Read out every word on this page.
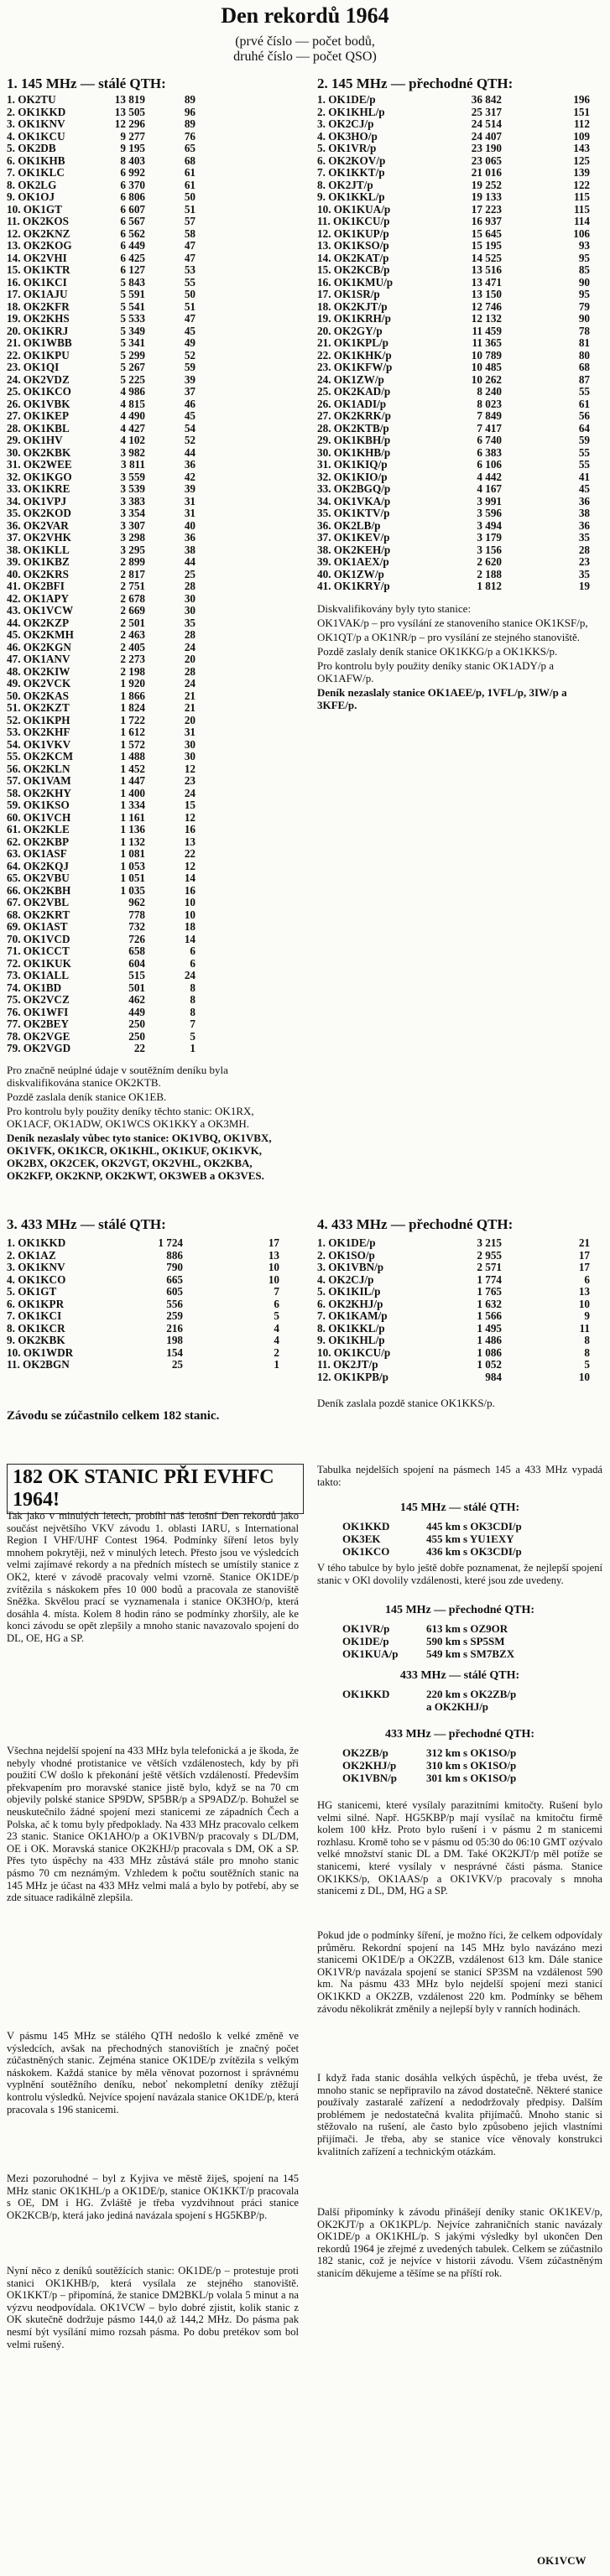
Den rekordů 1964
(prvé číslo — počet bodů,
druhé číslo — počet QSO)
1. 145 MHz — stálé QTH:
1. OK2TU	13 819	89
2. OK1KKD	13 505	96
3. OK1KNV	12 296	89
4. OK1KCU	9 277	76
5. OK2DB	9 195	65
6. OK1KHB	8 403	68
7. OK1KLC	6 992	61
8. OK2LG	6 370	61
9. OK1OJ	6 806	50
10. OK1GT	6 607	51
11. OK2KOS	6 567	57
12. OK2KNZ	6 562	58
13. OK2KOG	6 449	47
14. OK2VHI	6 425	47
15. OK1KTR	6 127	53
16. OK1KCI	5 843	55
17. OK1AJU	5 591	50
18. OK2KFR	5 541	51
19. OK2KHS	5 533	47
20. OK1KRJ	5 349	45
21. OK1WBB	5 341	49
22. OK1KPU	5 299	52
23. OK1QI	5 267	59
24. OK2VDZ	5 225	39
25. OK1KCO	4 986	37
26. OK1VBK	4 815	46
27. OK1KEP	4 490	45
28. OK1KBL	4 427	54
29. OK1HV	4 102	52
30. OK2KBK	3 982	44
31. OK2WEE	3 811	36
32. OK1KGO	3 559	42
33. OK1KRE	3 539	39
34. OK1VPJ	3 383	31
35. OK2KOD	3 354	31
36. OK2VAR	3 307	40
37. OK2VHK	3 298	36
38. OK1KLL	3 295	38
39. OK1KBZ	2 899	44
40. OK2KRS	2 817	25
41. OK2BFI	2 751	28
42. OK1APY	2 678	30
43. OK1VCW	2 669	30
44. OK2KZP	2 501	35
45. OK2KMH	2 463	28
46. OK2KGN	2 405	24
47. OK1ANV	2 273	20
48. OK2KIW	2 198	28
49. OK2VCK	1 920	24
50. OK2KAS	1 866	21
51. OK2KZT	1 824	21
52. OK1KPH	1 722	20
53. OK2KHF	1 612	31
54. OK1VKV	1 572	30
55. OK2KCM	1 488	30
56. OK2KLN	1 452	12
57. OK1VAM	1 447	23
58. OK2KHY	1 400	24
59. OK1KSO	1 334	15
60. OK1VCH	1 161	12
61. OK2KLE	1 136	16
62. OK2KBP	1 132	13
63. OK1ASF	1 081	22
64. OK2KQJ	1 053	12
65. OK2VBU	1 051	14
66. OK2KBH	1 035	16
67. OK2VBL	962	10
68. OK2KRT	778	10
69. OK1AST	732	18
70. OK1VCD	726	14
71. OK1CCT	658	6
72. OK1KUK	604	6
73. OK1ALL	515	24
74. OK1BD	501	8
75. OK2VCZ	462	8
76. OK1WFI	449	8
77. OK2BEY	250	7
78. OK2VGE	250	5
79. OK2VGD	22	1
Pro značně neúplné údaje v soutěžním deníku byla diskvalifikována stanice OK2KTB.
Pozdě zaslala deník stanice OK1EB.
Pro kontrolu byly použity deníky těchto stanic: OK1RX, OK1ACF, OK1ADW, OK1WCS OK1KKY a OK3MH.
Deník nezaslaly vůbec tyto stanice: OK1VBQ, OK1VBX, OK1VFK, OK1KCR, OK1KHL, OK1KUF, OK1KVK, OK2BX, OK2CEK, OK2VGT, OK2VHL, OK2KBA, OK2KFP, OK2KNP, OK2KWT, OK3WEB a OK3VES.
2. 145 MHz — přechodné QTH:
1. OK1DE/p	36 842	196
2. OK1KHL/p	25 317	151
3. OK2CJ/p	24 514	112
4. OK3HO/p	24 407	109
5. OK1VR/p	23 190	143
6. OK2KOV/p	23 065	125
7. OK1KKT/p	21 016	139
8. OK2JT/p	19 252	122
9. OK1KKL/p	19 133	115
10. OK1KUA/p	17 223	115
11. OK1KCU/p	16 937	114
12. OK1KUP/p	15 645	106
13. OK1KSO/p	15 195	93
14. OK2KAT/p	14 525	95
15. OK2KCB/p	13 516	85
16. OK1KMU/p	13 471	90
17. OK1SR/p	13 150	95
18. OK2KJT/p	12 746	79
19. OK1KRH/p	12 132	90
20. OK2GY/p	11 459	78
21. OK1KPL/p	11 365	81
22. OK1KHK/p	10 789	80
23. OK1KFW/p	10 485	68
24. OK1ZW/p	10 262	87
25. OK2KAD/p	8 240	55
26. OK1ADI/p	8 023	61
27. OK2KRK/p	7 849	56
28. OK2KTB/p	7 417	64
29. OK1KBH/p	6 740	59
30. OK1KHB/p	6 383	55
31. OK1KIQ/p	6 106	55
32. OK1KIO/p	4 442	41
33. OK2BGQ/p	4 167	45
34. OK1VKA/p	3 991	36
35. OK1KTV/p	3 596	38
36. OK2LB/p	3 494	36
37. OK1KEV/p	3 179	35
38. OK2KEH/p	3 156	28
39. OK1AEX/p	2 620	23
40. OK1ZW/p	2 188	35
41. OK1KRY/p	1 812	19
Diskvalifikovány byly tyto stanice:
OK1VAK/p – pro vysílání ze stanoveního stanice OK1KSF/p,
OK1QT/p a OK1NR/p – pro vysílání ze stejného stanoviště.
Pozdě zaslaly deník stanice OK1KKG/p a OK1KKS/p.
Pro kontrolu byly použity deníky stanic OK1ADY/p a OK1AFW/p.
Deník nezaslaly stanice OK1AEE/p, 1VFL/p, 3IW/p a 3KFE/p.
3. 433 MHz — stálé QTH:
1. OK1KKD	1 724	17
2. OK1AZ	886	13
3. OK1KNV	790	10
4. OK1KCO	665	10
5. OK1GT	605	7
6. OK1KPR	556	6
7. OK1KCI	259	5
8. OK1KCR	216	4
9. OK2KBK	198	4
10. OK1WDR	154	2
11. OK2BGN	25	1
Závodu se zúčastnilo celkem 182 stanic.
4. 433 MHz — přechodné QTH:
1. OK1DE/p	3 215	21
2. OK1SO/p	2 955	17
3. OK1VBN/p	2 571	17
4. OK2CJ/p	1 774	6
5. OK1KIL/p	1 765	13
6. OK2KHJ/p	1 632	10
7. OK1KAM/p	1 566	9
8. OK1KKL/p	1 495	11
9. OK1KHL/p	1 486	8
10. OK1KCU/p	1 086	8
11. OK2JT/p	1 052	5
12. OK1KPB/p	984	10
Deník zaslala pozdě stanice OK1KKS/p.
182 OK STANIC PŘI EVHFC 1964!
Tak jako v minulých letech, probíhl náš letošní Den rekordů jako součást největšího VKV závodu 1. oblasti IARU, s International Region I VHF/UHF Contest 1964. Podmínky šíření letos byly mnohem pokrytěji, než v minulých letech. Přesto jsou ve výsledcích velmi zajímavé rekordy a na předních místech se umístily stanice z OK2, které v závodě pracovaly velmi vzorně. Stanice OK1DE/p zvítězila s náskokem přes 10 000 bodů a pracovala ze stanoviště Sněžka. Skvělou prací se vyznamenala i stanice OK3HO/p, která dosáhla 4. místa. Kolem 8 hodin ráno se podmínky zhoršily, ale ke konci závodu se opět zlepšily a mnoho stanic navazovalo spojení do DL, OE, HG a SP.
Všechna nejdelší spojení na 433 MHz byla telefonická a je škoda, že nebyly vhodné protistanice ve větších vzdálenostech, kdy by při použití CW došlo k překonání ještě větších vzdáleností. Především překvapením pro moravské stanice jistě bylo, když se na 70 cm objevily polské stanice SP9DW, SP5BR/p a SP9ADZ/p. Bohužel se neuskutečnilo žádné spojení mezi stanicemi ze západních Čech a Polska, ač k tomu byly předpoklady. Na 433 MHz pracovalo celkem 23 stanic. Stanice OK1AHO/p a OK1VBN/p pracovaly s DL/DM, OE i OK. Moravská stanice OK2KHJ/p pracovala s DM, OK a SP. Přes tyto úspěchy na 433 MHz zůstává stále pro mnoho stanic pásmo 70 cm neznámým. Vzhledem k počtu soutěžních stanic na 145 MHz je účast na 433 MHz velmi malá a bylo by potřebí, aby se zde situace radikálně zlepšila.
V pásmu 145 MHz se stálého QTH nedošlo k velké změně ve výsledcích, avšak na přechodných stanovištích je značný počet zúčastněných stanic. Zejména stanice OK1DE/p zvítězila s velkým náskokem. Každá stanice by měla věnovat pozornost i správnému vyplnění soutěžního deníku, neboť nekompletní deníky ztěžují kontrolu výsledků. Nejvíce spojení navázala stanice OK1DE/p, která pracovala s 196 stanicemi.
Mezi pozoruhodné – byl z Kyjiva ve městě žiješ, spojení na 145 MHz stanic OK1KHL/p a OK1DE/p, stanice OK1KKT/p pracovala s OE, DM i HG. Zvláště je třeba vyzdvihnout práci stanice OK2KCB/p, která jako jediná navázala spojení s HG5KBP/p.
Nyní něco z deníků soutěžících stanic: OK1DE/p – protestuje proti stanici OK1KHB/p, která vysílala ze stejného stanoviště. OK1KKT/p – připomíná, že stanice DM2BKL/p volala 5 minut a na výzvu neodpovídala. OK1VCW – bylo dobré zjistit, kolik stanic z OK skutečně dodržuje pásmo 144,0 až 144,2 MHz. Do pásma pak nesmí být vysílání mimo rozsah pásma. Po dobu pretékov som bol velmi rušený.
Tabulka nejdelších spojení na pásmech 145 a 433 MHz vypadá takto:
145 MHz — stálé QTH:
OK1KKD	445 km s OK3CDI/p
OK3EK	455 km s YU1EXY
OK1KCO	436 km s OK3CDI/p
V tého tabulce by bylo ještě dobře poznamenat, že nejlepší spojení stanic v OKl dovolily vzdálenosti, které jsou zde uvedeny.
145 MHz — přechodné QTH:
OK1VR/p	613 km s OZ9OR
OK1DE/p	590 km s SP5SM
OK1KUA/p	549 km s SM7BZX
433 MHz — stálé QTH:
OK1KKD	220 km s OK2ZB/p
a OK2KHJ/p
433 MHz — přechodné QTH:
OK2ZB/p	312 km s OK1SO/p
OK2KHJ/p	310 km s OK1SO/p
OK1VBN/p	301 km s OK1SO/p
HG stanicemi, které vysílaly parazitními kmitočty. Rušení bylo velmi silné. Např. HG5KBP/p mají vysílač na kmitočtu firmě kolem 100 kHz. Proto bylo rušení i v pásmu 2 m stanicemi rozhlasu. Kromě toho se v pásmu od 05:30 do 06:10 GMT ozývalo velké množství stanic DL a DM. Také OK2KJT/p měl potíže se stanicemi, které vysílaly v nesprávné části pásma. Stanice OK1KKS/p, OK1AAS/p a OK1VKV/p pracovaly s mnoha stanicemi z DL, DM, HG a SP.
Pokud jde o podmínky šíření, je možno říci, že celkem odpovídaly průměru. Rekordní spojení na 145 MHz bylo navázáno mezi stanicemi OK1DE/p a OK2ZB, vzdálenost 613 km. Dále stanice OK1VR/p navázala spojení se stanicí SP3SM na vzdálenost 590 km. Na pásmu 433 MHz bylo nejdelší spojení mezi stanicí OK1KKD a OK2ZB, vzdálenost 220 km. Podmínky se během závodu několikrát změnily a nejlepší byly v ranních hodinách.
I když řada stanic dosáhla velkých úspěchů, je třeba uvést, že mnoho stanic se nepřipravilo na závod dostatečně. Některé stanice používaly zastaralé zařízení a nedodržovaly předpisy. Dalším problémem je nedostatečná kvalita přijímačů. Mnoho stanic si stěžovalo na rušení, ale často bylo způsobeno jejich vlastními přijímači. Je třeba, aby se stanice více věnovaly konstrukci kvalitních zařízení a technickým otázkám.
Další připomínky k závodu přinášejí deníky stanic OK1KEV/p, OK2KJT/p a OK1KPL/p. Nejvíce zahraničních stanic navázaly OK1DE/p a OK1KHL/p. S jakými výsledky byl ukončen Den rekordů 1964 je zřejmé z uvedených tabulek. Celkem se zúčastnilo 182 stanic, což je nejvíce v historii závodu. Všem zúčastněným stanicím děkujeme a těšíme se na příští rok.
OK1VCW
